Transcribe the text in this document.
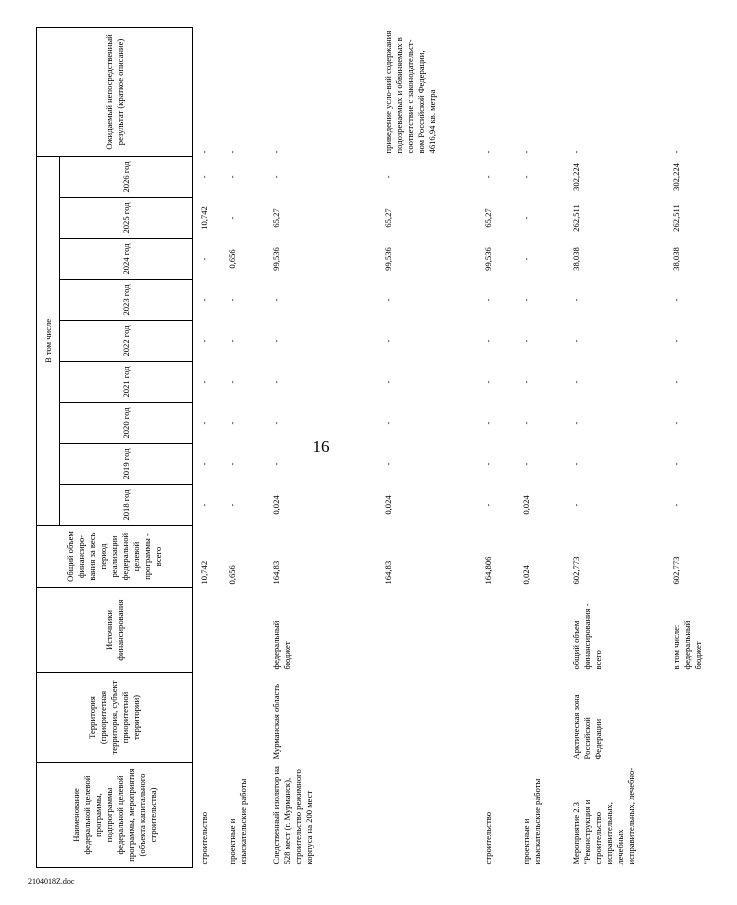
16
Наименование федеральной целевой программы, подпрограммы федеральной целевой программы, мероприятия (объекта капитального строительства)	Территория (приоритетная территория, субъект приоритетной территории)	Источники финансирования	Общий объем финансиро-вания за весь период реализации федеральной целевой программы - всего	В том числе									Ожидаемый непосредственный результат (краткое описание)
				2018 год	2019 год	2020 год	2021 год	2022 год	2023 год	2024 год	2025 год	2026 год	
строительство			10,742	-	-	-	-	-	-	-	10,742	-	-
проектные и изыскательские работы			0,656	-	-	-	-	-	-	0,656	-	-	-
Следственный изолятор на 528 мест (г. Мурманск), строительство режимного корпуса на 200 мест	Мурманская область	федеральный бюджет	164,83	0,024	-	-	-	-	-	99,536	65,27	-	-
			164,83	0,024	-	-	-	-	-	99,536	65,27	-	приведение усло-вий содержания подозреваемых и обвиняемых в соответствие с законодательст-вом Российской Федерации, 4616,94 кв. метра
строительство			164,806	-	-	-	-	-	-	99,536	65,27	-	-
проектные и изыскательские работы			0,024	0,024	-	-	-	-	-	-	-	-	-
Мероприятие 2.3 "Реконструкция и строительство исправительных, лечебных исправительных, лечебно-	Арктическая зона Российской Федерации	общий объем финансирования - всего	602,773	-	-	-	-	-	-	38,038	262,511	302,224	-
		в том числе: федеральный бюджет	602,773	-	-	-	-	-	-	38,038	262,511	302,224	-
2104018Z.doc
